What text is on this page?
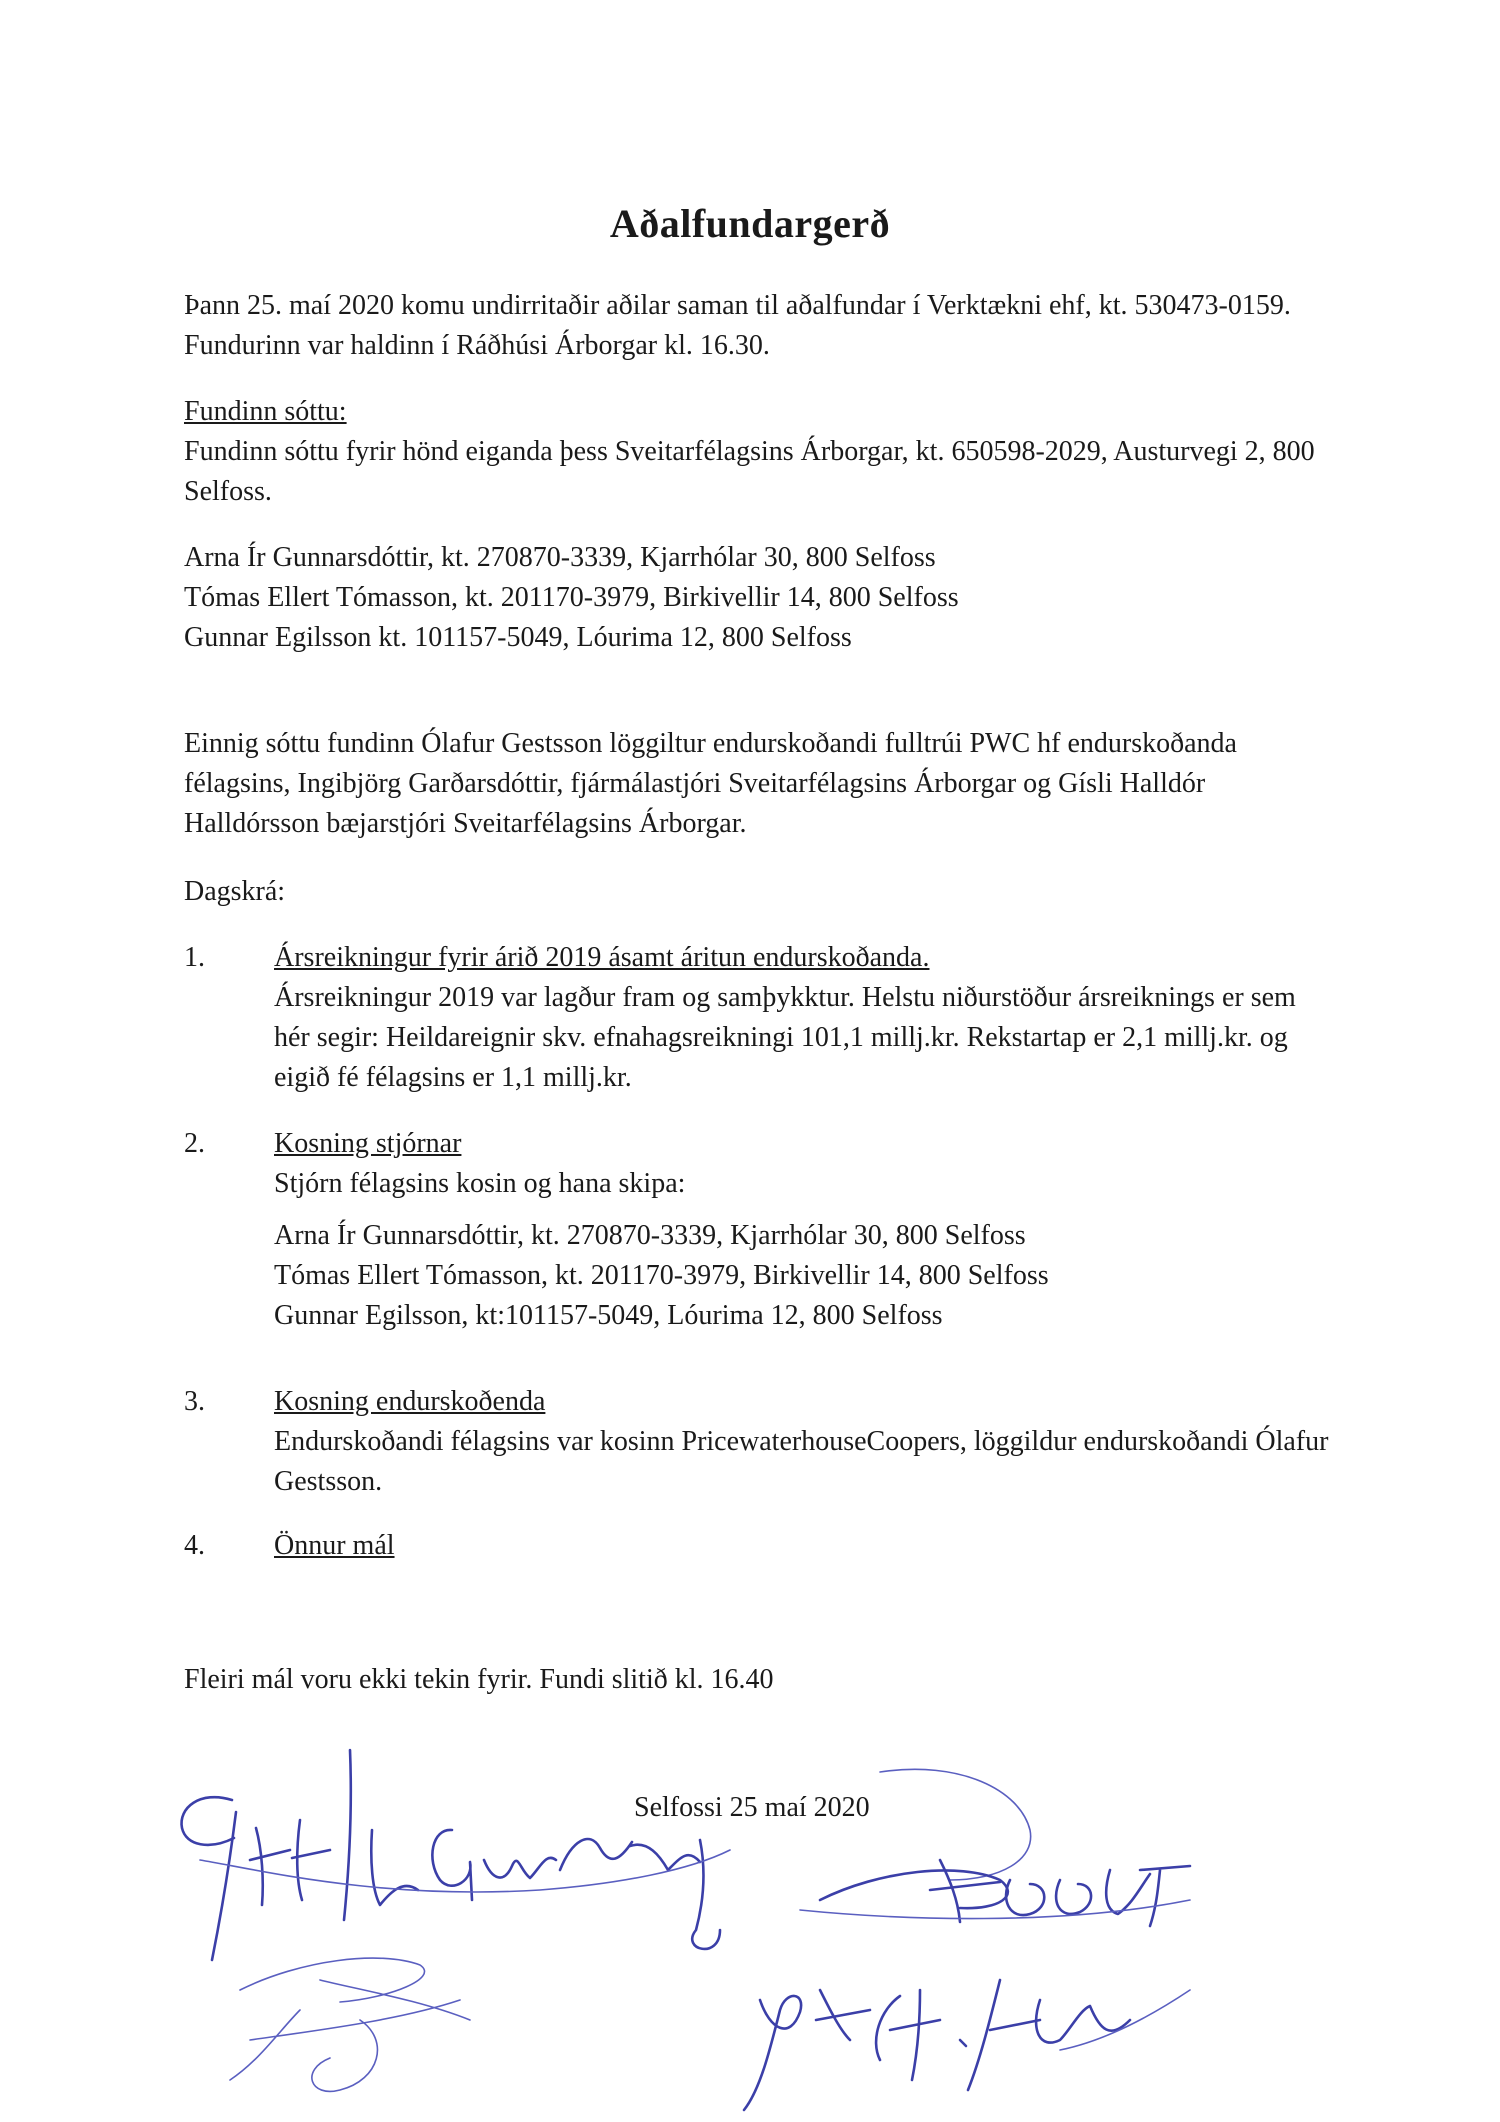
Aðalfundargerð

Þann 25. maí 2020 komu undirritaðir aðilar saman til aðalfundar í Verktækni ehf, kt. 530473-0159. Fundurinn var haldinn í Ráðhúsi Árborgar kl. 16.30.

Fundinn sóttu:

Fundinn sóttu fyrir hönd eiganda þess Sveitarfélagsins Árborgar, kt. 650598-2029, Austurvegi 2, 800 Selfoss.

Arna Ír Gunnarsdóttir, kt. 270870-3339, Kjarrhólar 30, 800 Selfoss
Tómas Ellert Tómasson, kt. 201170-3979, Birkivellir 14, 800 Selfoss
Gunnar Egilsson kt. 101157-5049, Lóurima 12, 800 Selfoss

Einnig sóttu fundinn Ólafur Gestsson löggiltur endurskoðandi fulltrúi PWC hf endurskoðanda félagsins, Ingibjörg Garðarsdóttir, fjármálastjóri Sveitarfélagsins Árborgar og Gísli Halldór Halldórsson bæjarstjóri Sveitarfélagsins Árborgar.

Dagskrá:
1. Ársreikningur fyrir árið 2019 ásamt áritun endurskoðanda.
Ársreikningur 2019 var lagður fram og samþykktur. Helstu niðurstöður ársreiknings er sem hér segir: Heildareignir skv. efnahagsreikningi 101,1 millj.kr. Rekstartap er 2,1 millj.kr. og eigið fé félagsins er 1,1 millj.kr.
2. Kosning stjórnar
Stjórn félagsins kosin og hana skipa:
Arna Ír Gunnarsdóttir, kt. 270870-3339, Kjarrhólar 30, 800 Selfoss
Tómas Ellert Tómasson, kt. 201170-3979, Birkivellir 14, 800 Selfoss
Gunnar Egilsson, kt:101157-5049, Lóurima 12, 800 Selfoss
3. Kosning endurskoðenda
Endurskoðandi félagsins var kosinn PricewaterhouseCoopers, löggildur endurskoðandi Ólafur Gestsson.
4. Önnur mál
Fleiri mál voru ekki tekin fyrir. Fundi slitið kl. 16.40
Selfossi 25 maí 2020
